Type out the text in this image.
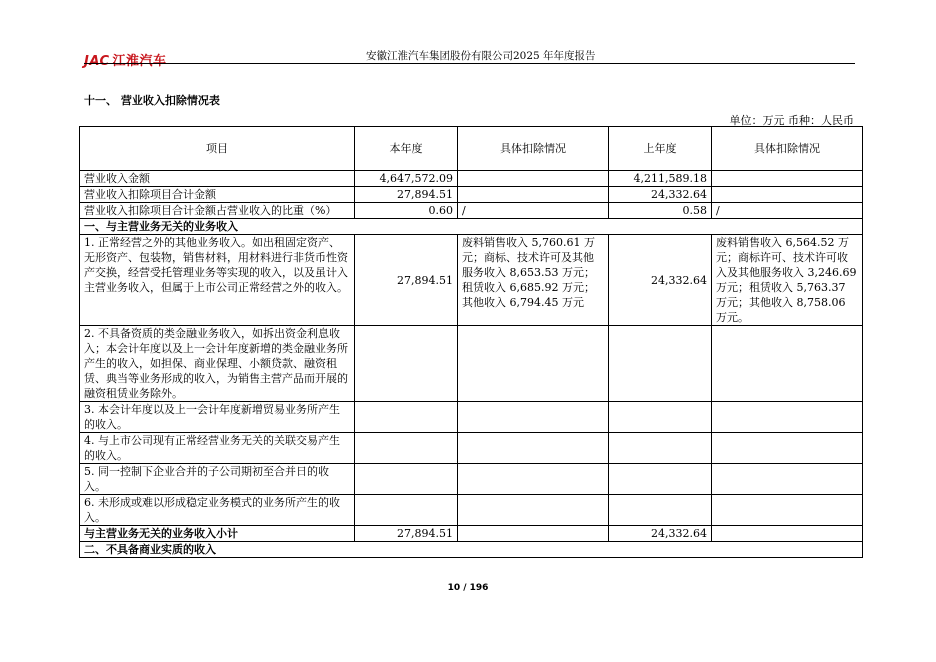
JAC 江淮汽车	安徽江淮汽车集团股份有限公司2025 年年度报告
十一、 营业收入扣除情况表
单位：万元 币种：人民币
项目	本年度	具体扣除情况	上年度	具体扣除情况
营业收入金额	4,647,572.09		4,211,589.18	
营业收入扣除项目合计金额	27,894.51		24,332.64	
营业收入扣除项目合计金额占营业收入的比重（%）	0.60	/	0.58	/
一、与主营业务无关的业务收入				
1. 正常经营之外的其他业务收入。如出租固定资产、无形资产、包装物，销售材料，用材料进行非货币性资产交换，经营受托管理业务等实现的收入，以及虽计入主营业务收入，但属于上市公司正常经营之外的收入。	27,894.51	废料销售收入 5,760.61 万元；商标、技术许可及其他服务收入 8,653.53 万元；租赁收入 6,685.92 万元；其他收入 6,794.45 万元	24,332.64	废料销售收入 6,564.52 万元；商标许可、技术许可收入及其他服务收入 3,246.69 万元；租赁收入 5,763.37 万元；其他收入 8,758.06 万元。
2. 不具备资质的类金融业务收入，如拆出资金利息收入；本会计年度以及上一会计年度新增的类金融业务所产生的收入，如担保、商业保理、小额贷款、融资租赁、典当等业务形成的收入，为销售主营产品而开展的融资租赁业务除外。				
3. 本会计年度以及上一会计年度新增贸易业务所产生的收入。				
4. 与上市公司现有正常经营业务无关的关联交易产生的收入。				
5. 同一控制下企业合并的子公司期初至合并日的收入。				
6. 未形成或难以形成稳定业务模式的业务所产生的收入。				
与主营业务无关的业务收入小计	27,894.51		24,332.64	
二、不具备商业实质的收入				
10 / 196
